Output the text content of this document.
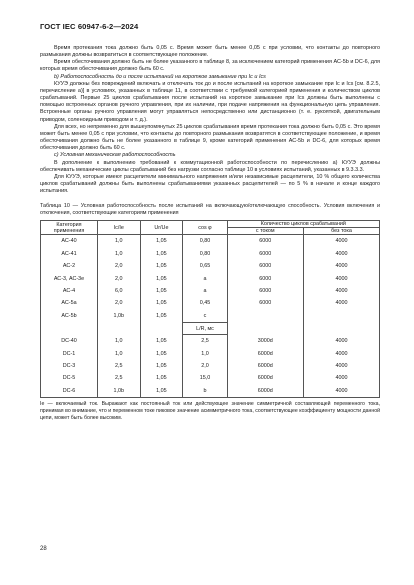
ГОСТ IEC 60947-6-2—2024

Время протекания тока должно быть 0,05 с. Время может быть менее 0,05 с при условии, что контакты до повторного размыкания должны возвратиться в соответствующее положение.

Время обесточивания должно быть не более указанного в таблице 8, за исключением категорий применения АС-5b и DC-6, для которых время обесточивания должно быть 60 с.

b) Работоспособность до и после испытаний на короткое замыкание при Ic и Ics

КУУЭ должны без повреждений включать и отключать ток до и после испытаний на короткое замыкание при Ic и Ics [см. 8.2.5, перечисление a)] в условиях, указанных в таблице 11, в соответствии с требуемой категорией применения и количеством циклов срабатываний. Первые 25 циклов срабатывания после испытаний на короткое замыкание при Ics должны быть выполнены с помощью встроенных органов ручного управления, при их наличии, при подаче напряжения на функциональную цепь управления. Встроенные органы ручного управления могут управляться непосредственно или дистанционно (т. е. рукояткой, двигательным приводом, соленоидным приводом и т. д.).

Для всех, но непременно для вышеупомянутых 25 циклов срабатывания время протекания тока должно быть 0,05 с. Это время может быть менее 0,05 с при условии, что контакты до повторного размыкания возвратятся в соответствующее положение, и время обесточивания должно быть не более указанного в таблице 9, кроме категорий применения АС-5b и DC-6, для которых время обесточивания должно быть 60 с.

c) Условная механическая работоспособность

В дополнение к выполнению требований к коммутационной работоспособности по перечислению a) КУУЭ должны обеспечивать механические циклы срабатываний без нагрузки согласно таблице 10 в условиях испытаний, указанных в 9.3.3.3.

Для КУУЭ, которые имеют расцепители минимального напряжения и/или независимые расцепители, 10 % общего количества циклов срабатываний должны быть выполнены срабатываниями указанных расцепителей — по 5 % в начале и конце каждого испытания.

Таблица 10 — Условная работоспособность после испытаний на включающую/отключающую способность. Условия включения и отключения, соответствующие категориям применения
Категория применения	Ic/Ie	Ur/Ue	cos φ	Количество циклов срабатываний	
				с током	без тока
АС-40	1,0	1,05	0,80	6000	4000
АС-41	1,0	1,05	0,80	6000	4000
АС-2	2,0	1,05	0,65	6000	4000
АС-3, АС-3е	2,0	1,05	a	6000	4000
АС-4	6,0	1,05	a	6000	4000
АС-5а	2,0	1,05	0,45	6000	4000
АС-5b	1,0b	1,05	c		
			L/R, мс		
DC-40	1,0	1,05	2,5	3000d	4000
DC-1	1,0	1,05	1,0	6000d	4000
DC-3	2,5	1,05	2,0	6000d	4000
DC-5	2,5	1,05	15,0	6000d	4000
DC-6	1,0b	1,05	b	6000d	4000
Ie — включаемый ток. Выражают как постоянный ток или действующее значение симметричной составляющей переменного тока, принимая во внимание, что и переменном токе пиковое значение асимметричного тока, соответствующее коэффициенту мощности данной цепи, может быть более высоким.
28
